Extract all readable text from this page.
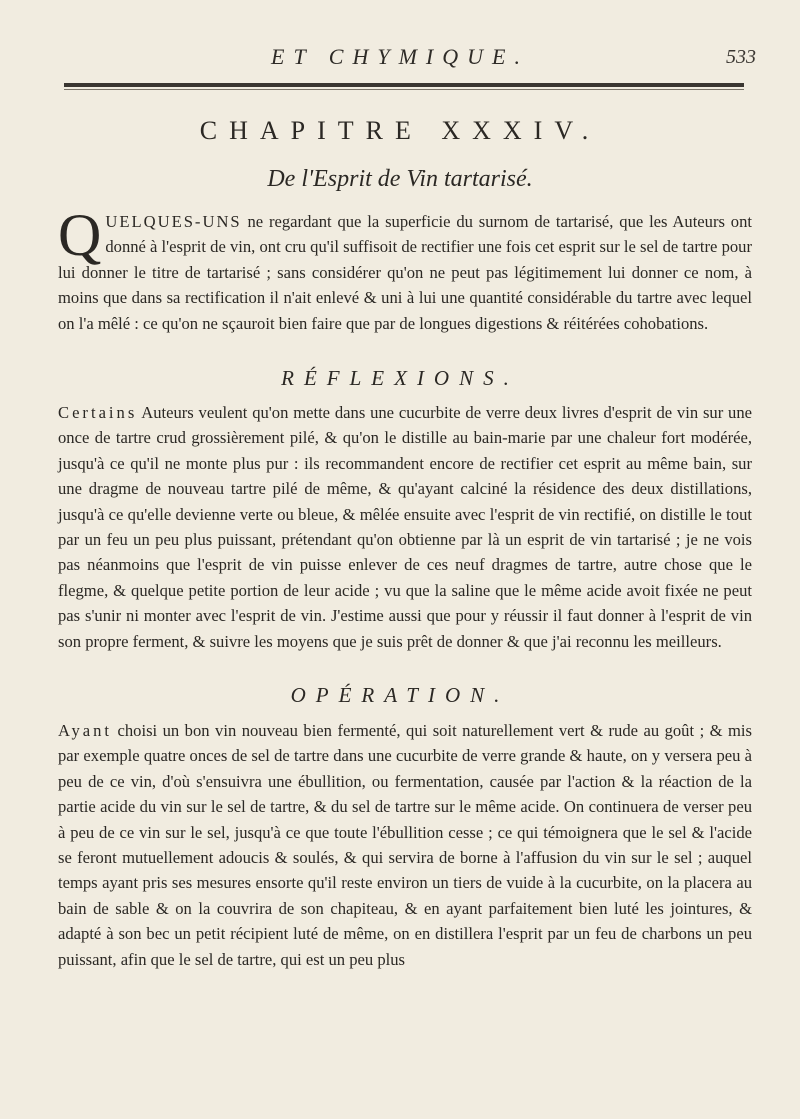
ET CHYMIQUE.	533
CHAPITRE XXXIV.
De l'Esprit de Vin tartarisé.
QUELQUES-UNS ne regardant que la superficie du surnom de tartarisé, que les Auteurs ont donné à l'esprit de vin, ont cru qu'il suffisoit de rectifier une fois cet esprit sur le sel de tartre pour lui donner le titre de tartarisé ; sans considérer qu'on ne peut pas légitimement lui donner ce nom, à moins que dans sa rectification il n'ait enlevé & uni à lui une quantité considérable du tartre avec lequel on l'a mêlé : ce qu'on ne sçauroit bien faire que par de longues digestions & réitérées cohobations.
RÉFLEXIONS.
Certains Auteurs veulent qu'on mette dans une cucurbite de verre deux livres d'esprit de vin sur une once de tartre crud grossièrement pilé, & qu'on le distille au bain-marie par une chaleur fort modérée, jusqu'à ce qu'il ne monte plus pur : ils recommandent encore de rectifier cet esprit au même bain, sur une dragme de nouveau tartre pilé de même, & qu'ayant calciné la résidence des deux distillations, jusqu'à ce qu'elle devienne verte ou bleue, & mêlée ensuite avec l'esprit de vin rectifié, on distille le tout par un feu un peu plus puissant, prétendant qu'on obtienne par là un esprit de vin tartarisé ; je ne vois pas néanmoins que l'esprit de vin puisse enlever de ces neuf dragmes de tartre, autre chose que le flegme, & quelque petite portion de leur acide ; vu que la saline que le même acide avoit fixée ne peut pas s'unir ni monter avec l'esprit de vin. J'estime aussi que pour y réussir il faut donner à l'esprit de vin son propre ferment, & suivre les moyens que je suis prêt de donner & que j'ai reconnu les meilleurs.
OPÉRATION.
Ayant choisi un bon vin nouveau bien fermenté, qui soit naturellement vert & rude au goût ; & mis par exemple quatre onces de sel de tartre dans une cucurbite de verre grande & haute, on y versera peu à peu de ce vin, d'où s'ensuivra une ébullition, ou fermentation, causée par l'action & la réaction de la partie acide du vin sur le sel de tartre, & du sel de tartre sur le même acide. On continuera de verser peu à peu de ce vin sur le sel, jusqu'à ce que toute l'ébullition cesse ; ce qui témoignera que le sel & l'acide se feront mutuellement adoucis & soulés, & qui servira de borne à l'affusion du vin sur le sel ; auquel temps ayant pris ses mesures ensorte qu'il reste environ un tiers de vuide à la cucurbite, on la placera au bain de sable & on la couvrira de son chapiteau, & en ayant parfaitement bien luté les jointures, & adapté à son bec un petit récipient luté de même, on en distillera l'esprit par un feu de charbons un peu puissant, afin que le sel de tartre, qui est un peu plus
